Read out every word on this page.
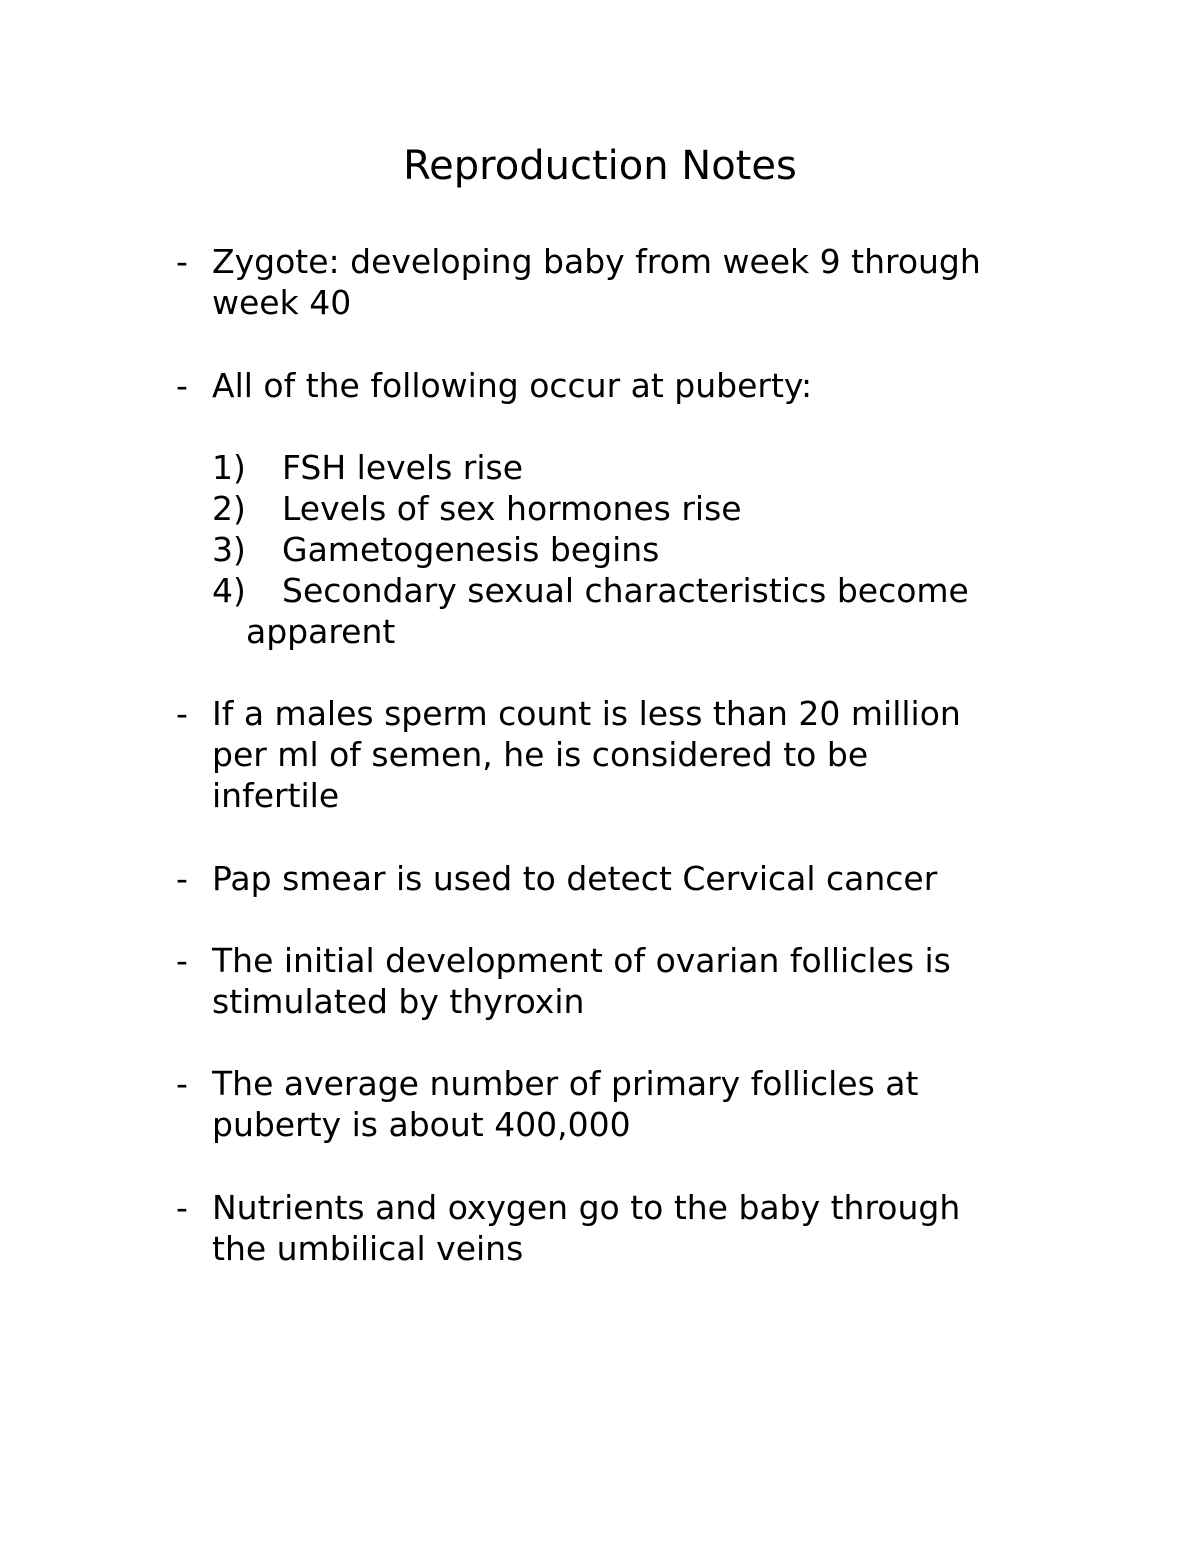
Reproduction Notes
- Zygote: developing baby from week 9 through
week 40
- All of the following occur at puberty:
1) FSH levels rise
2) Levels of sex hormones rise
3) Gametogenesis begins
4) Secondary sexual characteristics become
apparent
- If a males sperm count is less than 20 million
per ml of semen, he is considered to be
infertile
- Pap smear is used to detect Cervical cancer
- The initial development of ovarian follicles is
stimulated by thyroxin
- The average number of primary follicles at
puberty is about 400,000
- Nutrients and oxygen go to the baby through
the umbilical veins
